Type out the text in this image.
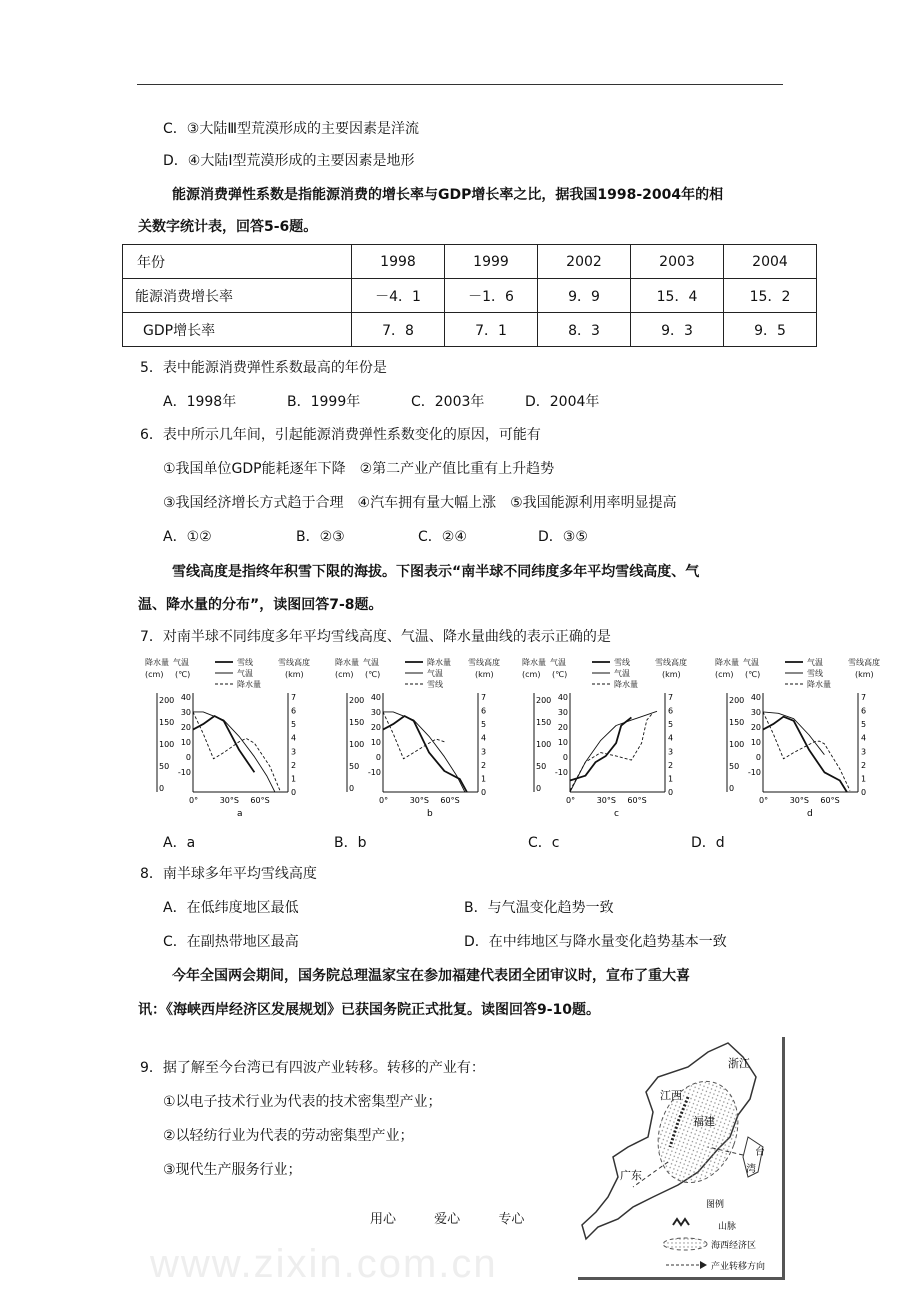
www.zixin.com.cn
C．③大陆Ⅲ型荒漠形成的主要因素是洋流
D．④大陆Ⅰ型荒漠形成的主要因素是地形
能源消费弹性系数是指能源消费的增长率与GDP增长率之比，据我国1998-2004年的相
关数字统计表，回答5-6题。
年份	1998	1999	2002	2003	2004
能源消费增长率	－4．1	－1．6	9．9	15．4	15．2
GDP增长率	7．8	7．1	8．3	9．3	9．5
5．表中能源消费弹性系数最高的年份是
A．1998年	B．1999年	C．2003年	D．2004年
6．表中所示几年间，引起能源消费弹性系数变化的原因，可能有
①我国单位GDP能耗逐年下降　②第二产业产值比重有上升趋势
③我国经济增长方式趋于合理　④汽车拥有量大幅上涨　⑤我国能源利用率明显提高
A．①②	B．②③	C．②④	D．③⑤
雪线高度是指终年积雪下限的海拔。下图表示“南半球不同纬度多年平均雪线高度、气
温、降水量的分布”，读图回答7-8题。
7．对南半球不同纬度多年平均雪线高度、气温、降水量曲线的表示正确的是
降水量 气温
(cm) (℃)
雪线高度
(km)
雪线
气温
降水量
200
150
100
50
0
40
30
20
10
0
-10
7
6
5
4
3
2
1
0
0°	30°S 60°S
a
降水量 气温
(cm) (℃)
雪线高度
(km)
降水量
气温
雪线
200
150
100
50
0
40
30
20
10
0
-10
7
6
5
4
3
2
1
0
0°	30°S 60°S
b
降水量 气温
(cm) (℃)
雪线高度
(km)
雪线
气温
降水量
200
150
100
50
0
40
30
20
10
0
-10
7
6
5
4
3
2
1
0
0°	30°S 60°S
c
降水量 气温
(cm) (℃)
雪线高度
(km)
气温
雪线
降水量
200
150
100
50
0
40
30
20
10
0
-10
7
6
5
4
3
2
1
0
0°	30°S 60°S
d
A．a	B．b	C．c	D．d
8．南半球多年平均雪线高度
A．在低纬度地区最低	B．与气温变化趋势一致
C．在副热带地区最高	D．在中纬地区与降水量变化趋势基本一致
今年全国两会期间，国务院总理温家宝在参加福建代表团全团审议时，宣布了重大喜
讯：《海峡西岸经济区发展规划》已获国务院正式批复。读图回答9-10题。
9．据了解至今台湾已有四波产业转移。转移的产业有：
①以电子技术行业为代表的技术密集型产业；
②以轻纺行业为代表的劳动密集型产业；
③现代生产服务行业；
浙江
江西
福建
广东
台
湾
图例
山脉
海西经济区
产业转移方向
用心	爱心	专心
